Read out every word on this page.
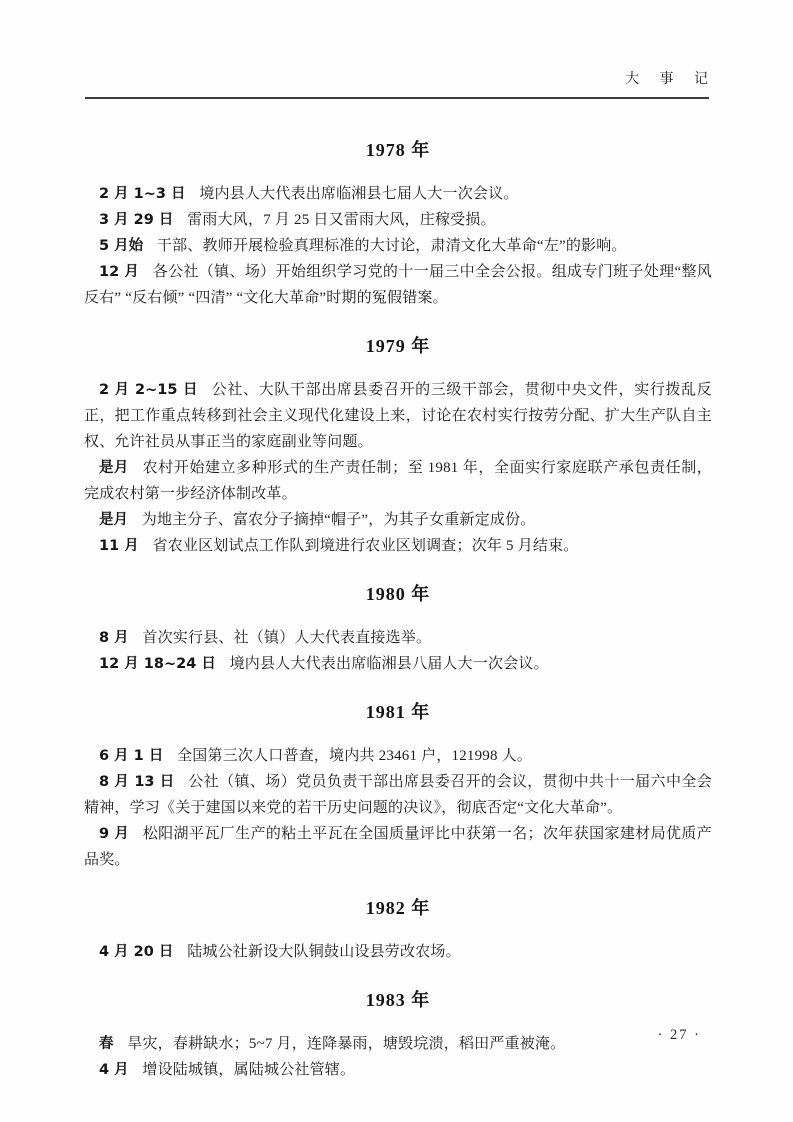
大 事 记
1978 年

2 月 1~3 日 境内县人大代表出席临湘县七届人大一次会议。

3 月 29 日 雷雨大风，7 月 25 日又雷雨大风，庄稼受损。

5 月始 干部、教师开展检验真理标准的大讨论，肃清文化大革命“左”的影响。

12 月 各公社（镇、场）开始组织学习党的十一届三中全会公报。组成专门班子处理“整风反右” “反右倾” “四清” “文化大革命”时期的冤假错案。

1979 年

2 月 2~15 日 公社、大队干部出席县委召开的三级干部会，贯彻中央文件，实行拨乱反正，把工作重点转移到社会主义现代化建设上来，讨论在农村实行按劳分配、扩大生产队自主权、允许社员从事正当的家庭副业等问题。

是月 农村开始建立多种形式的生产责任制；至 1981 年，全面实行家庭联产承包责任制，完成农村第一步经济体制改革。

是月 为地主分子、富农分子摘掉“帽子”，为其子女重新定成份。

11 月 省农业区划试点工作队到境进行农业区划调查；次年 5 月结束。

1980 年

8 月 首次实行县、社（镇）人大代表直接选举。

12 月 18~24 日 境内县人大代表出席临湘县八届人大一次会议。

1981 年

6 月 1 日 全国第三次人口普查，境内共 23461 户，121998 人。

8 月 13 日 公社（镇、场）党员负责干部出席县委召开的会议，贯彻中共十一届六中全会精神，学习《关于建国以来党的若干历史问题的决议》，彻底否定“文化大革命”。

9 月 松阳湖平瓦厂生产的粘土平瓦在全国质量评比中获第一名；次年获国家建材局优质产品奖。

1982 年

4 月 20 日 陆城公社新设大队铜鼓山设县劳改农场。

1983 年

春 旱灾，春耕缺水；5~7 月，连降暴雨，塘毁垸溃，稻田严重被淹。

4 月 增设陆城镇，属陆城公社管辖。

· 27 ·
